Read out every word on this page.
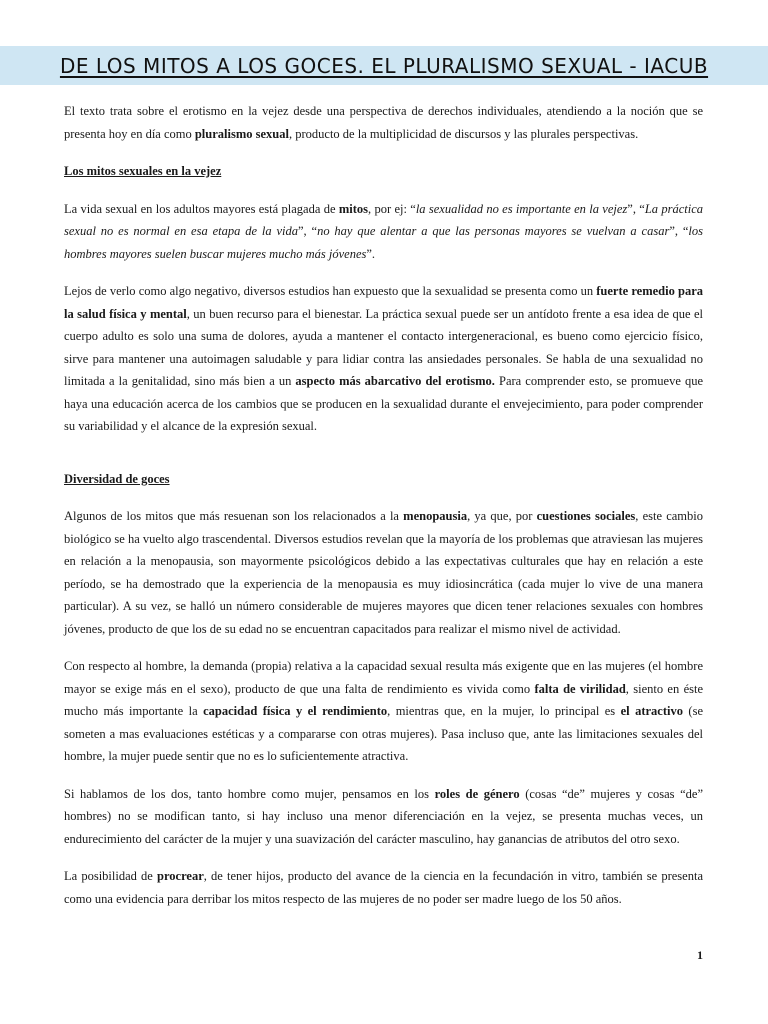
DE LOS MITOS A LOS GOCES. EL PLURALISMO SEXUAL - IACUB

El texto trata sobre el erotismo en la vejez desde una perspectiva de derechos individuales, atendiendo a la noción que se presenta hoy en día como pluralismo sexual, producto de la multiplicidad de discursos y las plurales perspectivas.

Los mitos sexuales en la vejez

La vida sexual en los adultos mayores está plagada de mitos, por ej: “la sexualidad no es importante en la vejez”, “La práctica sexual no es normal en esa etapa de la vida”, “no hay que alentar a que las personas mayores se vuelvan a casar”, “los hombres mayores suelen buscar mujeres mucho más jóvenes”.

Lejos de verlo como algo negativo, diversos estudios han expuesto que la sexualidad se presenta como un fuerte remedio para la salud física y mental, un buen recurso para el bienestar. La práctica sexual puede ser un antídoto frente a esa idea de que el cuerpo adulto es solo una suma de dolores, ayuda a mantener el contacto intergeneracional, es bueno como ejercicio físico, sirve para mantener una autoimagen saludable y para lidiar contra las ansiedades personales. Se habla de una sexualidad no limitada a la genitalidad, sino más bien a un aspecto más abarcativo del erotismo. Para comprender esto, se promueve que haya una educación acerca de los cambios que se producen en la sexualidad durante el envejecimiento, para poder comprender su variabilidad y el alcance de la expresión sexual.

Diversidad de goces

Algunos de los mitos que más resuenan son los relacionados a la menopausia, ya que, por cuestiones sociales, este cambio biológico se ha vuelto algo trascendental. Diversos estudios revelan que la mayoría de los problemas que atraviesan las mujeres en relación a la menopausia, son mayormente psicológicos debido a las expectativas culturales que hay en relación a este período, se ha demostrado que la experiencia de la menopausia es muy idiosincrática (cada mujer lo vive de una manera particular). A su vez, se halló un número considerable de mujeres mayores que dicen tener relaciones sexuales con hombres jóvenes, producto de que los de su edad no se encuentran capacitados para realizar el mismo nivel de actividad.

Con respecto al hombre, la demanda (propia) relativa a la capacidad sexual resulta más exigente que en las mujeres (el hombre mayor se exige más en el sexo), producto de que una falta de rendimiento es vivida como falta de virilidad, siento en éste mucho más importante la capacidad física y el rendimiento, mientras que, en la mujer, lo principal es el atractivo (se someten a mas evaluaciones estéticas y a compararse con otras mujeres). Pasa incluso que, ante las limitaciones sexuales del hombre, la mujer puede sentir que no es lo suficientemente atractiva.

Si hablamos de los dos, tanto hombre como mujer, pensamos en los roles de género (cosas “de” mujeres y cosas “de” hombres) no se modifican tanto, si hay incluso una menor diferenciación en la vejez, se presenta muchas veces, un endurecimiento del carácter de la mujer y una suavización del carácter masculino, hay ganancias de atributos del otro sexo.

La posibilidad de procrear, de tener hijos, producto del avance de la ciencia en la fecundación in vitro, también se presenta como una evidencia para derribar los mitos respecto de las mujeres de no poder ser madre luego de los 50 años.

1
